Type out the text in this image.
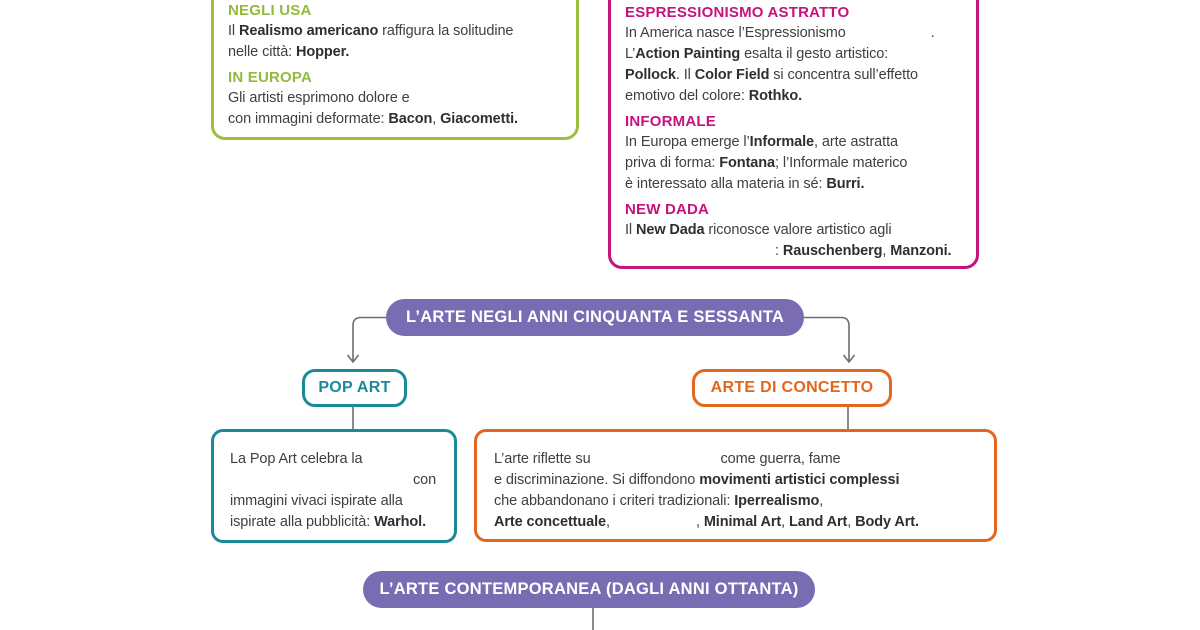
NEGLI USA
Il Realismo americano raffigura la solitudine
nelle città: Hopper.
IN EUROPA
Gli artisti esprimono dolore e
con immagini deformate: Bacon, Giacometti.
ESPRESSIONISMO ASTRATTO
In America nasce l’Espressionismo	.
L’Action Painting esalta il gesto artistico:
Pollock. Il Color Field si concentra sull’effetto
emotivo del colore: Rothko.
INFORMALE
In Europa emerge l’Informale, arte astratta
priva di forma: Fontana; l’Informale materico
è interessato alla materia in sé: Burri.
NEW DADA
Il New Dada riconosce valore artistico agli
: Rauschenberg, Manzoni.
L’ARTE NEGLI ANNI CINQUANTA E SESSANTA
POP ART	ARTE DI CONCETTO
La Pop Art celebra la
con
immagini vivaci ispirate alla
ispirate alla pubblicità: Warhol.
L’arte riflette su	come guerra, fame
e discriminazione. Si diffondono movimenti artistici complessi
che abbandonano i criteri tradizionali: Iperrealismo,
Arte concettuale,	, Minimal Art, Land Art, Body Art.
L’ARTE CONTEMPORANEA (DAGLI ANNI OTTANTA)
